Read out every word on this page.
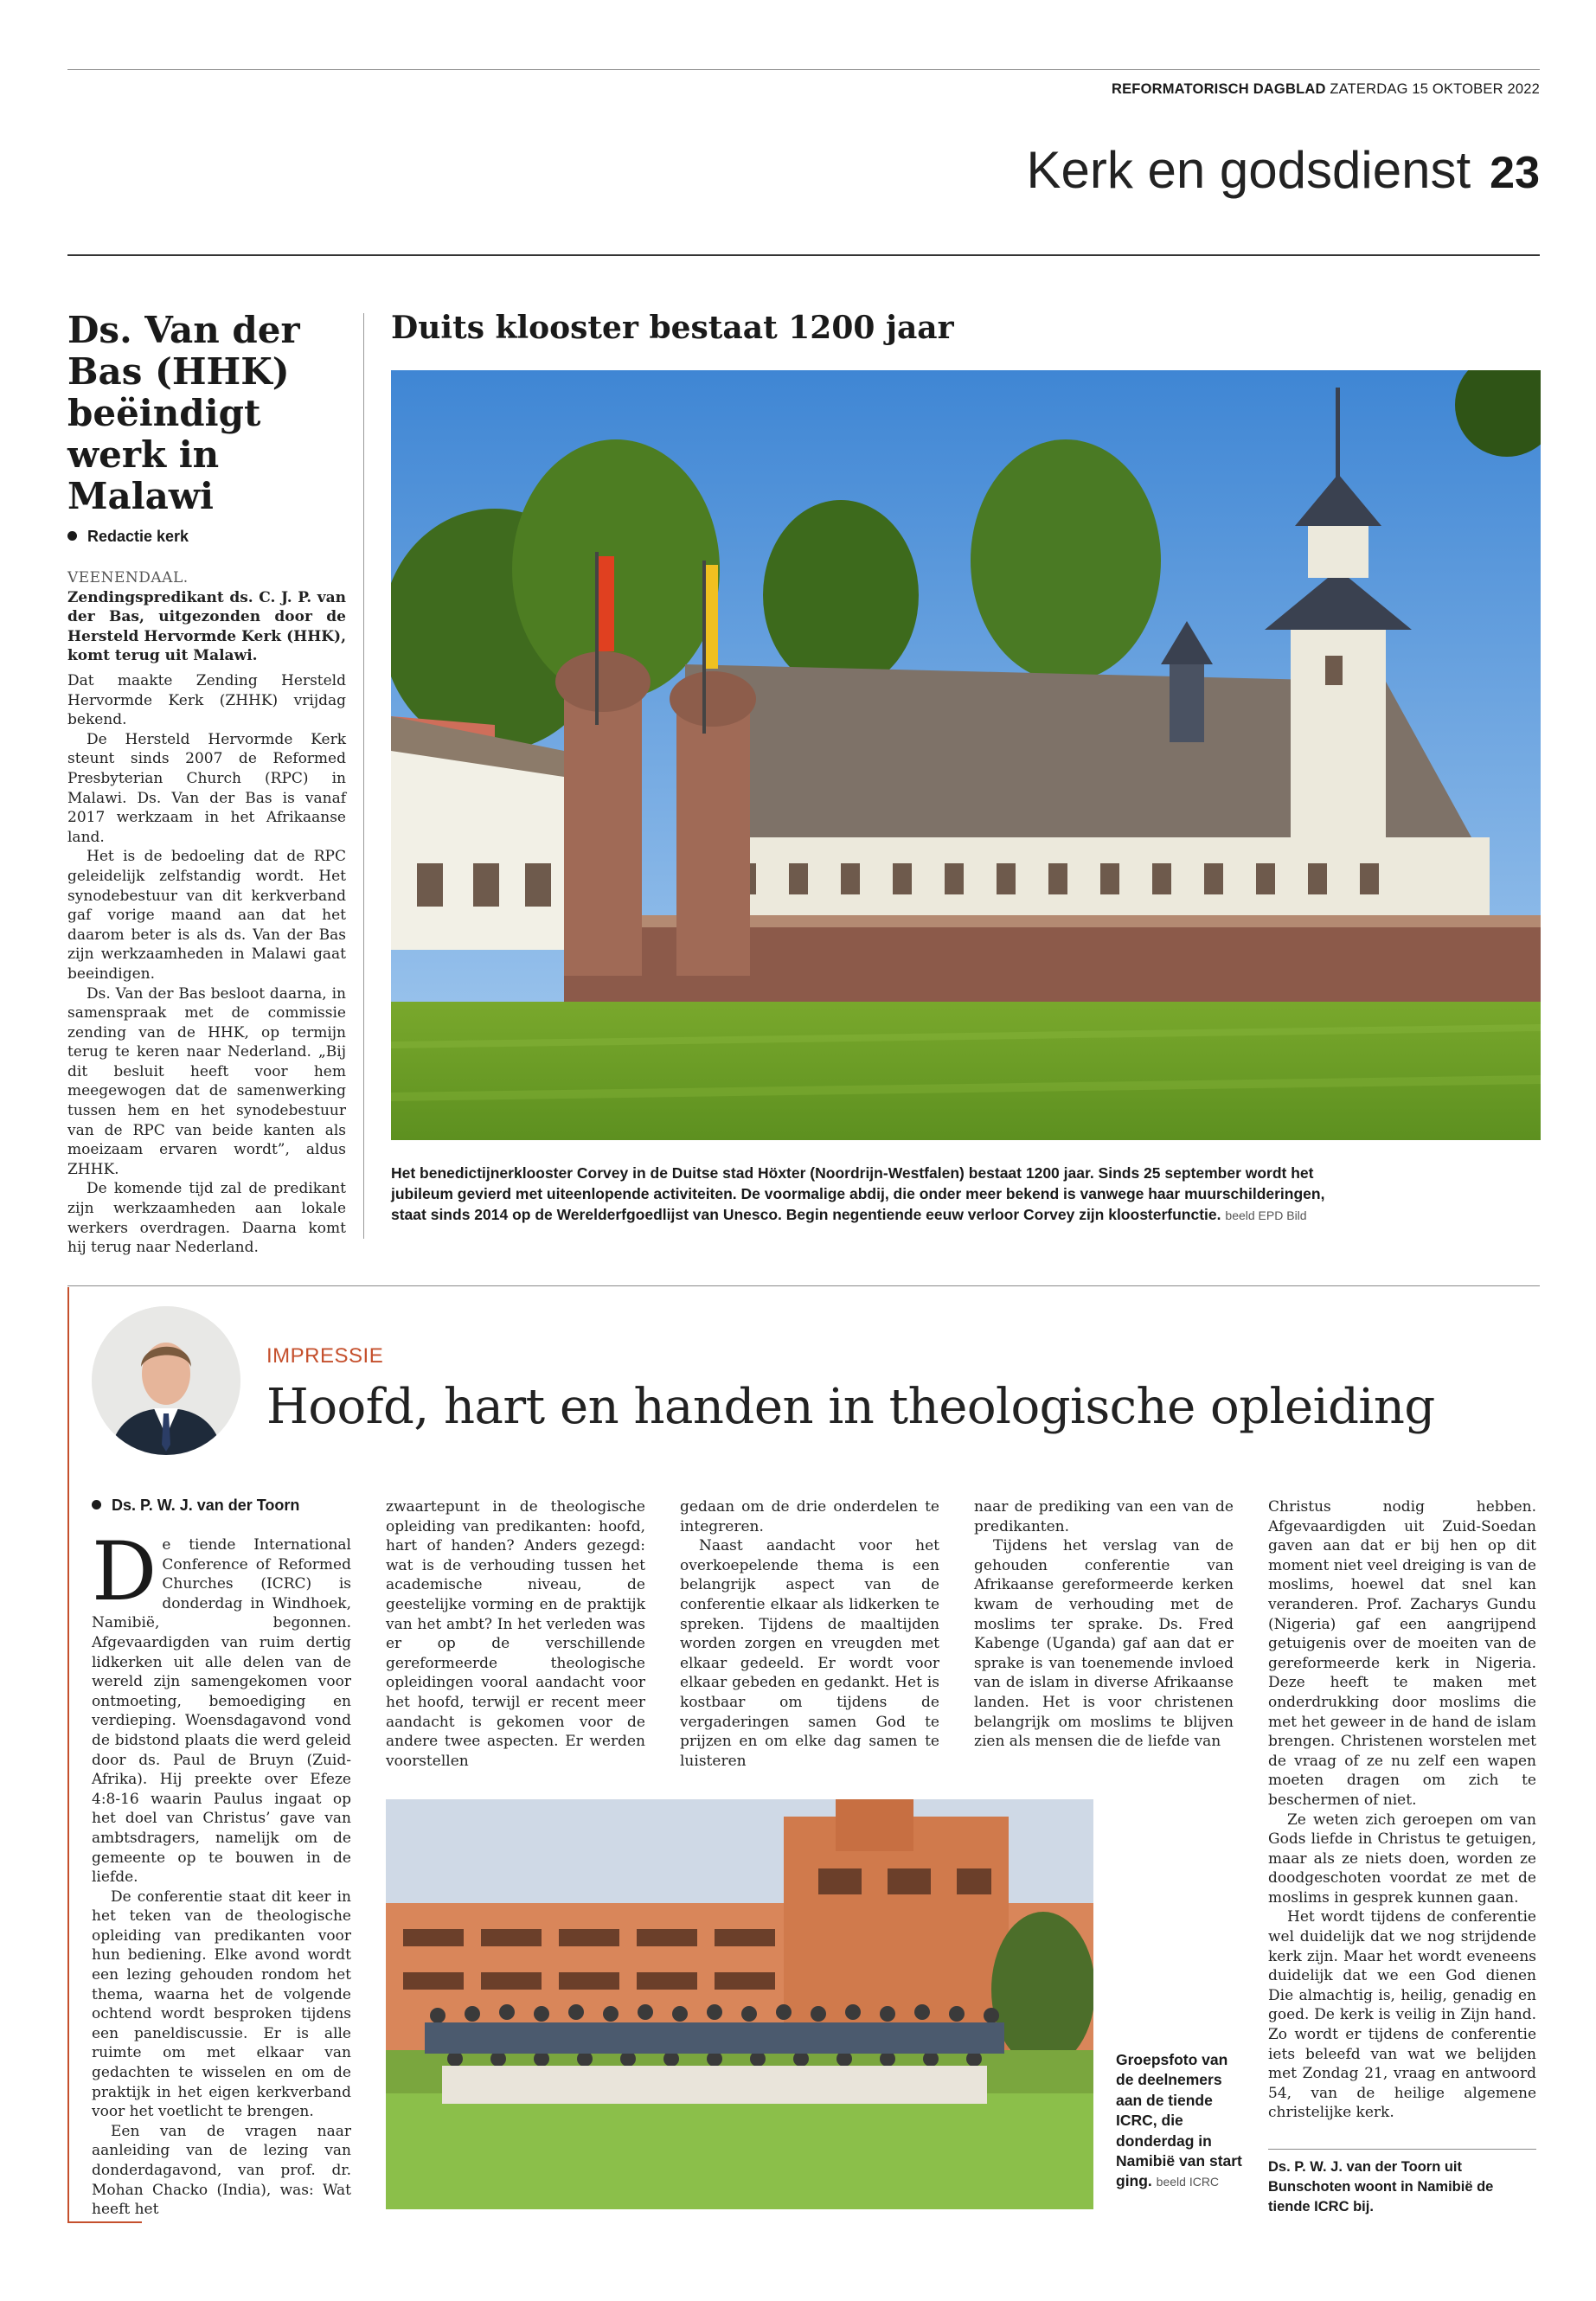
REFORMATORISCH DAGBLAD ZATERDAG 15 OKTOBER 2022
Kerk en godsdienst 23
Ds. Van der Bas (HHK) beëindigt werk in Malawi
Redactie kerk

VEENENDAAL. Zendingspredikant ds. C. J. P. van der Bas, uitgezonden door de Hersteld Hervormde Kerk (HHK), komt terug uit Malawi.

Dat maakte Zending Hersteld Hervormde Kerk (ZHHK) vrijdag bekend.

De Hersteld Hervormde Kerk steunt sinds 2007 de Reformed Presbyterian Church (RPC) in Malawi. Ds. Van der Bas is vanaf 2017 werkzaam in het Afrikaanse land.

Het is de bedoeling dat de RPC geleidelijk zelfstandig wordt. Het synodebestuur van dit kerkverband gaf vorige maand aan dat het daarom beter is als ds. Van der Bas zijn werkzaamheden in Malawi gaat beeindigen.

Ds. Van der Bas besloot daarna, in samenspraak met de commissie zending van de HHK, op termijn terug te keren naar Nederland. „Bij dit besluit heeft voor hem meegewogen dat de samenwerking tussen hem en het synodebestuur van de RPC van beide kanten als moeizaam ervaren wordt”, aldus ZHHK.

De komende tijd zal de predikant zijn werkzaamheden aan lokale werkers overdragen. Daarna komt hij terug naar Nederland.

Duits klooster bestaat 1200 jaar
Het benedictijnerklooster Corvey in de Duitse stad Höxter (Noordrijn-Westfalen) bestaat 1200 jaar. Sinds 25 september wordt het jubileum gevierd met uiteenlopende activiteiten. De voormalige abdij, die onder meer bekend is vanwege haar muurschilderingen, staat sinds 2014 op de Werelderfgoedlijst van Unesco. Begin negentiende eeuw verloor Corvey zijn kloosterfunctie. beeld EPD Bild
IMPRESSIE
Hoofd, hart en handen in theologische opleiding
Ds. P. W. J. van der Toorn
D e tiende International Conference of Reformed Churches (ICRC) is donderdag in Windhoek, Namibië, begonnen. Afgevaardigden van ruim dertig lidkerken uit alle delen van de wereld zijn samengekomen voor ontmoeting, bemoediging en verdieping. Woensdagavond vond de bidstond plaats die werd geleid door ds. Paul de Bruyn (Zuid-Afrika). Hij preekte over Efeze 4:8-16 waarin Paulus ingaat op het doel van Christus’ gave van ambtsdragers, namelijk om de gemeente op te bouwen in de liefde.

De conferentie staat dit keer in het teken van de theologische opleiding van predikanten voor hun bediening. Elke avond wordt een lezing gehouden rondom het thema, waarna het de volgende ochtend wordt besproken tijdens een paneldiscussie. Er is alle ruimte om met elkaar van gedachten te wisselen en om de praktijk in het eigen kerkverband voor het voetlicht te brengen.

Een van de vragen naar aanleiding van de lezing van donderdagavond, van prof. dr. Mohan Chacko (India), was: Wat heeft het

zwaartepunt in de theologische opleiding van predikanten: hoofd, hart of handen? Anders gezegd: wat is de verhouding tussen het academische niveau, de geestelijke vorming en de praktijk van het ambt? In het verleden was er op de verschillende gereformeerde theologische opleidingen vooral aandacht voor het hoofd, terwijl er recent meer aandacht is gekomen voor de andere twee aspecten. Er werden voorstellen

gedaan om de drie onderdelen te integreren.

Naast aandacht voor het overkoepelende thema is een belangrijk aspect van de conferentie elkaar als lidkerken te spreken. Tijdens de maaltijden worden zorgen en vreugden met elkaar gedeeld. Er wordt voor elkaar gebeden en gedankt. Het is kostbaar om tijdens de vergaderingen samen God te prijzen en om elke dag samen te luisteren

naar de prediking van een van de predikanten.

Tijdens het verslag van de gehouden conferentie van Afrikaanse gereformeerde kerken kwam de verhouding met de moslims ter sprake. Ds. Fred Kabenge (Uganda) gaf aan dat er sprake is van toenemende invloed van de islam in diverse Afrikaanse landen. Het is voor christenen belangrijk om moslims te blijven zien als mensen die de liefde van

Christus nodig hebben. Afgevaardigden uit Zuid-Soedan gaven aan dat er bij hen op dit moment niet veel dreiging is van de moslims, hoewel dat snel kan veranderen. Prof. Zacharys Gundu (Nigeria) gaf een aangrijpend getuigenis over de moeiten van de gereformeerde kerk in Nigeria. Deze heeft te maken met onderdrukking door moslims die met het geweer in de hand de islam brengen. Christenen worstelen met de vraag of ze nu zelf een wapen moeten dragen om zich te beschermen of niet.

Ze weten zich geroepen om van Gods liefde in Christus te getuigen, maar als ze niets doen, worden ze doodgeschoten voordat ze met de moslims in gesprek kunnen gaan.

Het wordt tijdens de conferentie wel duidelijk dat we nog strijdende kerk zijn. Maar het wordt eveneens duidelijk dat we een God dienen Die almachtig is, heilig, genadig en goed. De kerk is veilig in Zijn hand. Zo wordt er tijdens de conferentie iets beleefd van wat we belijden met Zondag 21, vraag en antwoord 54, van de heilige algemene christelijke kerk.

Groepsfoto van de deelnemers aan de tiende ICRC, die donderdag in Namibië van start ging. beeld ICRC
Ds. P. W. J. van der Toorn uit Bunschoten woont in Namibië de tiende ICRC bij.
